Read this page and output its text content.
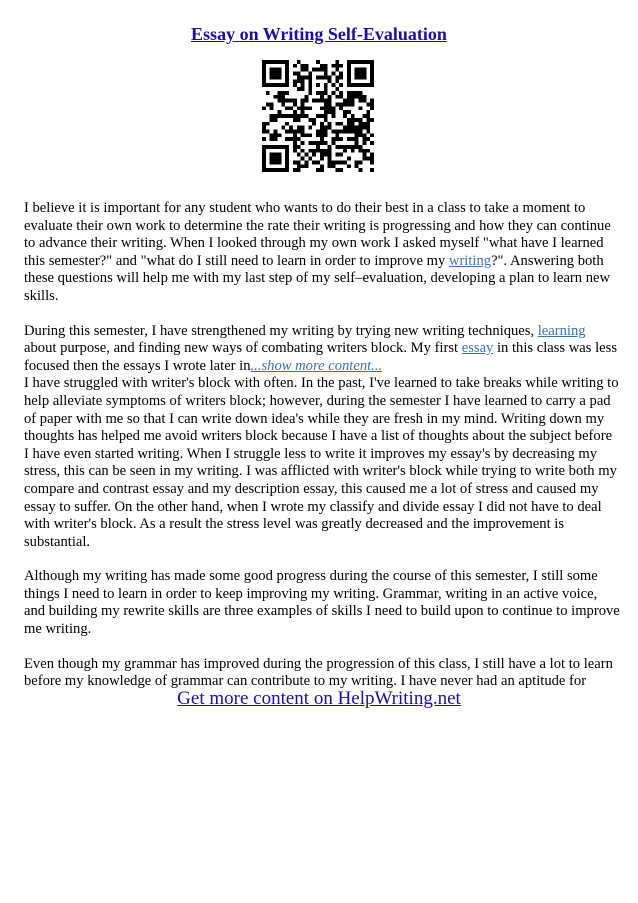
Essay on Writing Self-Evaluation

I believe it is important for any student who wants to do their best in a class to take a moment to evaluate their own work to determine the rate their writing is progressing and how they can continue to advance their writing. When I looked through my own work I asked myself "what have I learned this semester?" and "what do I still need to learn in order to improve my writing?". Answering both these questions will help me with my last step of my self–evaluation, developing a plan to learn new skills.

During this semester, I have strengthened my writing by trying new writing techniques, learning about purpose, and finding new ways of combating writers block. My first essay in this class was less focused then the essays I wrote later in...show more content...

I have struggled with writer's block with often. In the past, I've learned to take breaks while writing to help alleviate symptoms of writers block; however, during the semester I have learned to carry a pad of paper with me so that I can write down idea's while they are fresh in my mind. Writing down my thoughts has helped me avoid writers block because I have a list of thoughts about the subject before I have even started writing. When I struggle less to write it improves my essay's by decreasing my stress, this can be seen in my writing. I was afflicted with writer's block while trying to write both my compare and contrast essay and my description essay, this caused me a lot of stress and caused my essay to suffer. On the other hand, when I wrote my classify and divide essay I did not have to deal with writer's block. As a result the stress level was greatly decreased and the improvement is substantial.

Although my writing has made some good progress during the course of this semester, I still some things I need to learn in order to keep improving my writing. Grammar, writing in an active voice, and building my rewrite skills are three examples of skills I need to build upon to continue to improve me writing.

Even though my grammar has improved during the progression of this class, I still have a lot to learn before my knowledge of grammar can contribute to my writing. I have never had an aptitude for

Get more content on HelpWriting.net
